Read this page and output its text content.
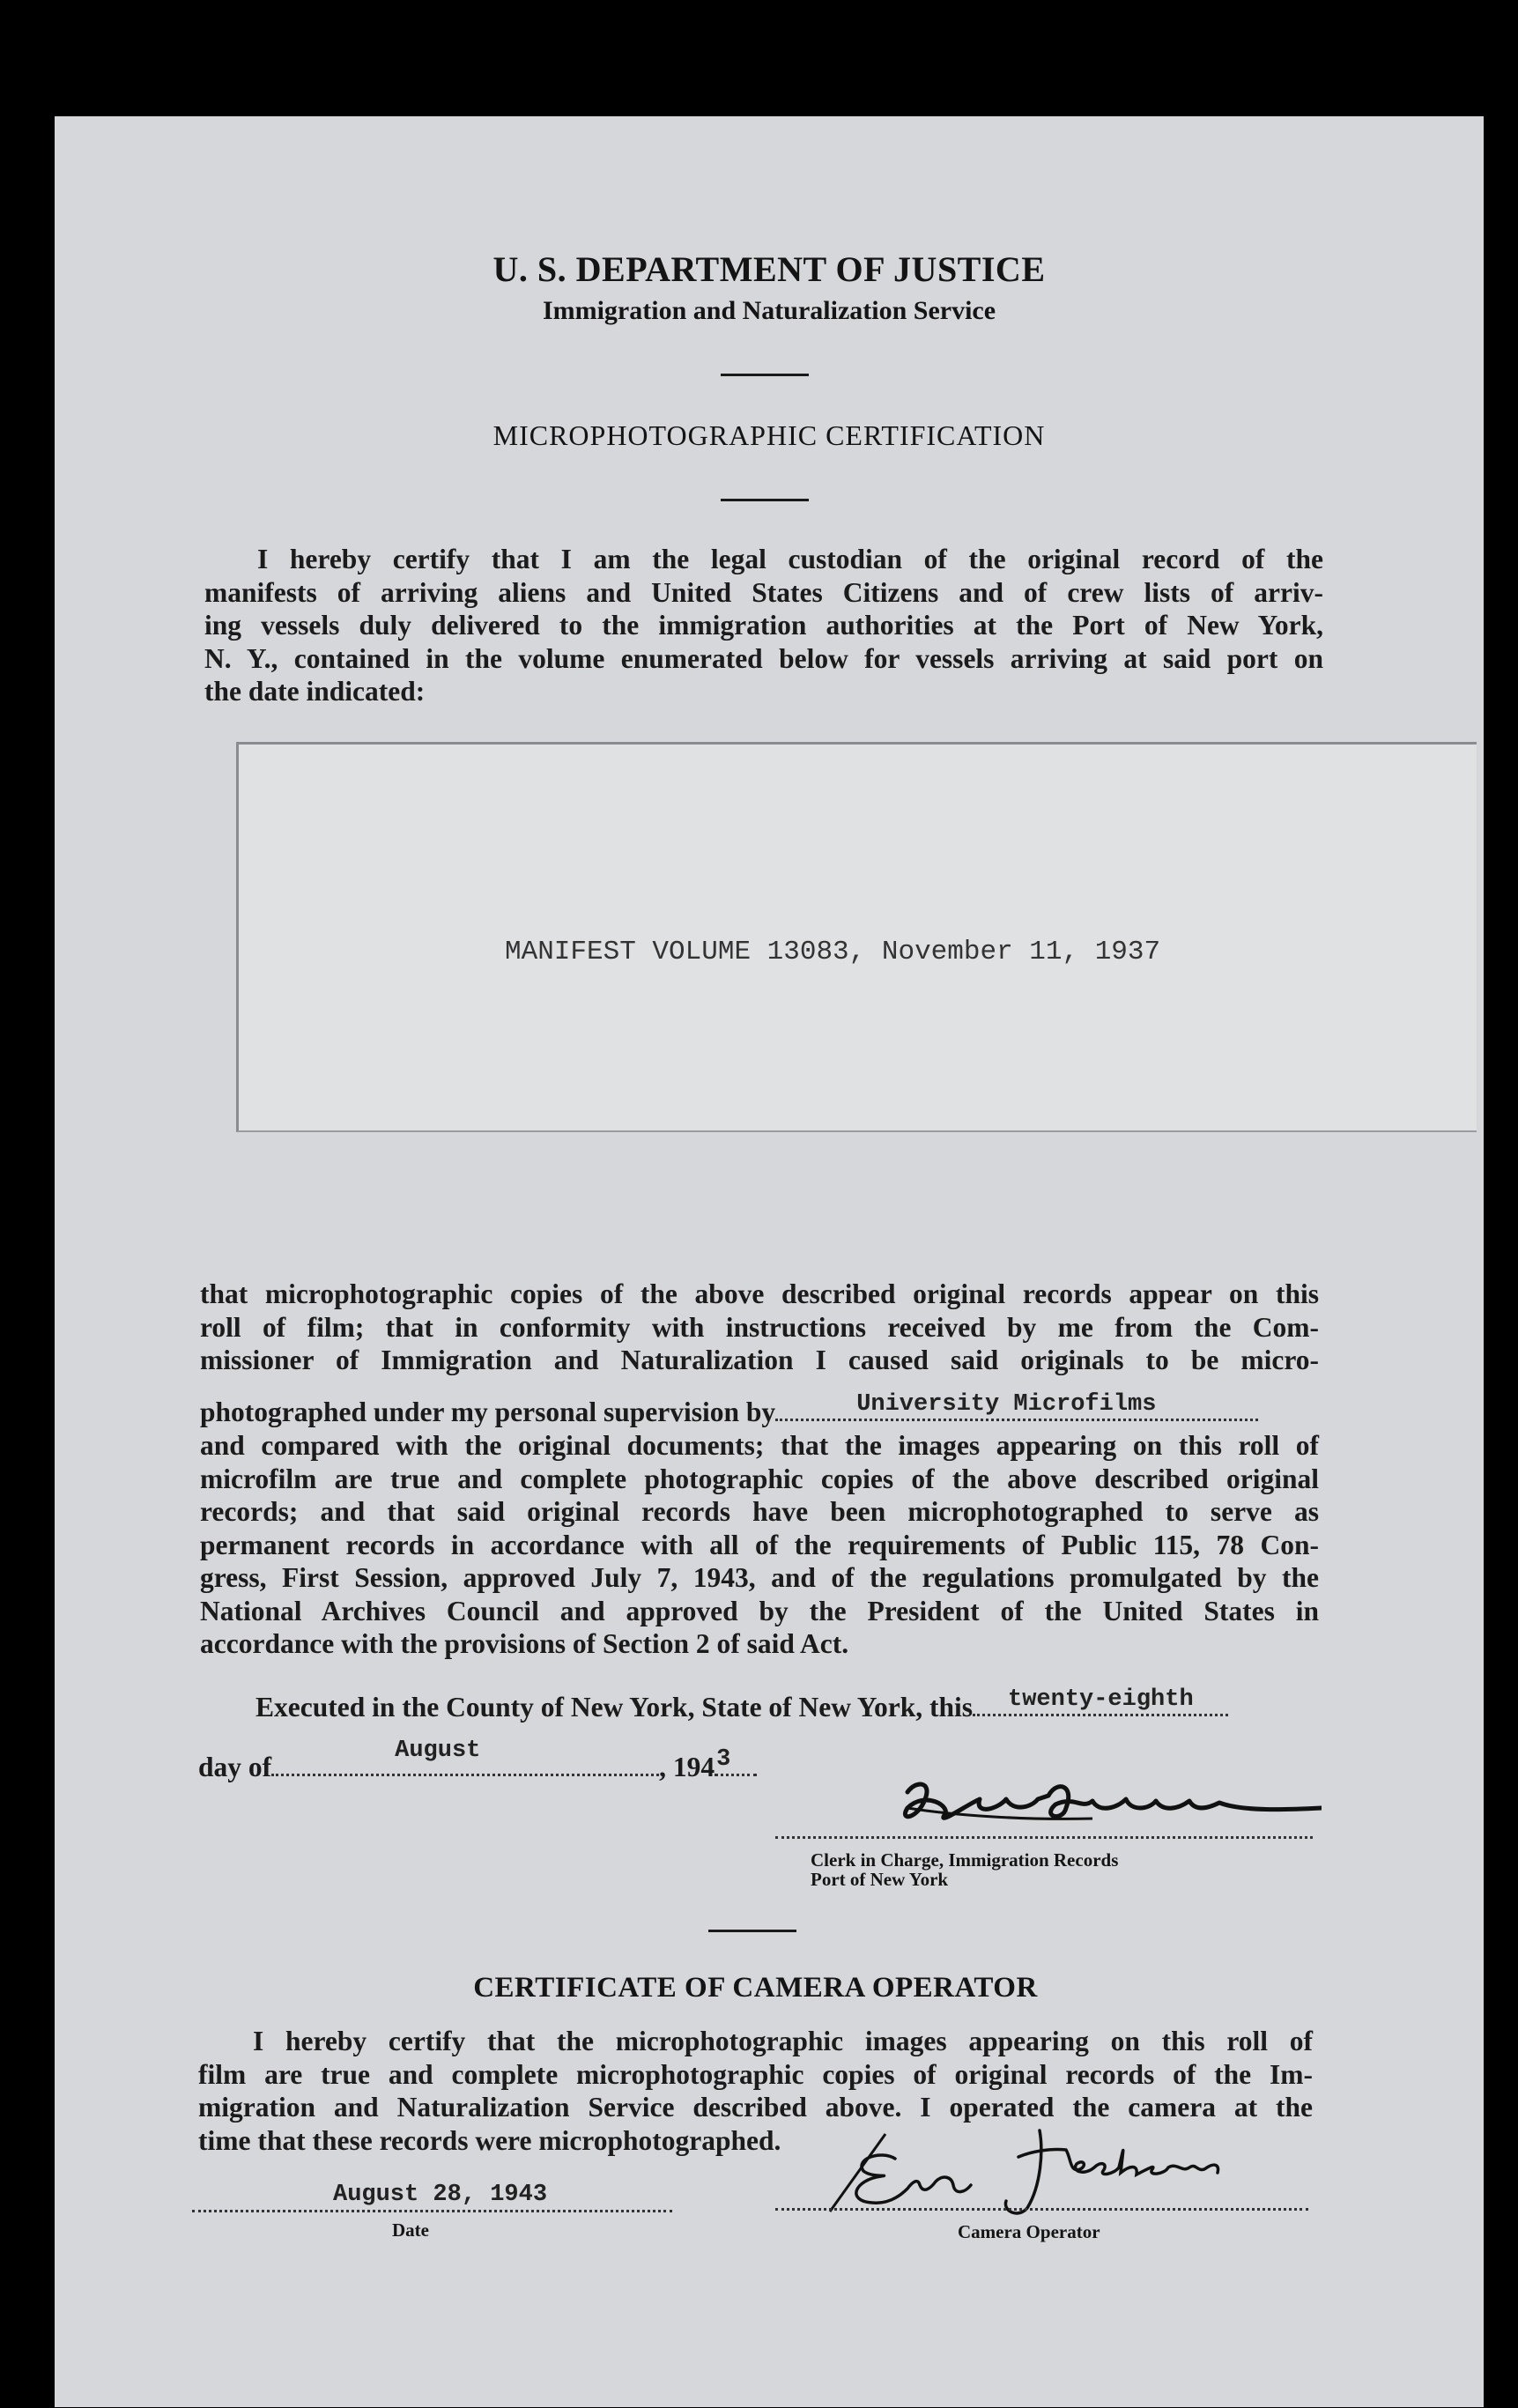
U. S. DEPARTMENT OF JUSTICE
Immigration and Naturalization Service
MICROPHOTOGRAPHIC CERTIFICATION
I hereby certify that I am the legal custodian of the original record of the
manifests of arriving aliens and United States Citizens and of crew lists of arriv-
ing vessels duly delivered to the immigration authorities at the Port of New York,
N. Y., contained in the volume enumerated below for vessels arriving at said port on
the date indicated:
MANIFEST VOLUME 13083, November 11, 1937
that microphotographic copies of the above described original records appear on this
roll of film; that in conformity with instructions received by me from the Com-
missioner of Immigration and Naturalization I caused said originals to be micro-
photographed under my personal supervision by	University Microfilms
and compared with the original documents; that the images appearing on this roll of
microfilm are true and complete photographic copies of the above described original
records; and that said original records have been microphotographed to serve as
permanent records in accordance with all of the requirements of Public 115, 78 Con-
gress, First Session, approved July 7, 1943, and of the regulations promulgated by the
National Archives Council and approved by the President of the United States in
accordance with the provisions of Section 2 of said Act.
Executed in the County of New York, State of New York, this twenty-eighth
day of
August
, 194 3
Clerk in Charge, Immigration Records
Port of New York
CERTIFICATE OF CAMERA OPERATOR
I hereby certify that the microphotographic images appearing on this roll of
film are true and complete microphotographic copies of original records of the Im-
migration and Naturalization Service described above. I operated the camera at the
time that these records were microphotographed.
August 28, 1943
Date	Camera Operator
